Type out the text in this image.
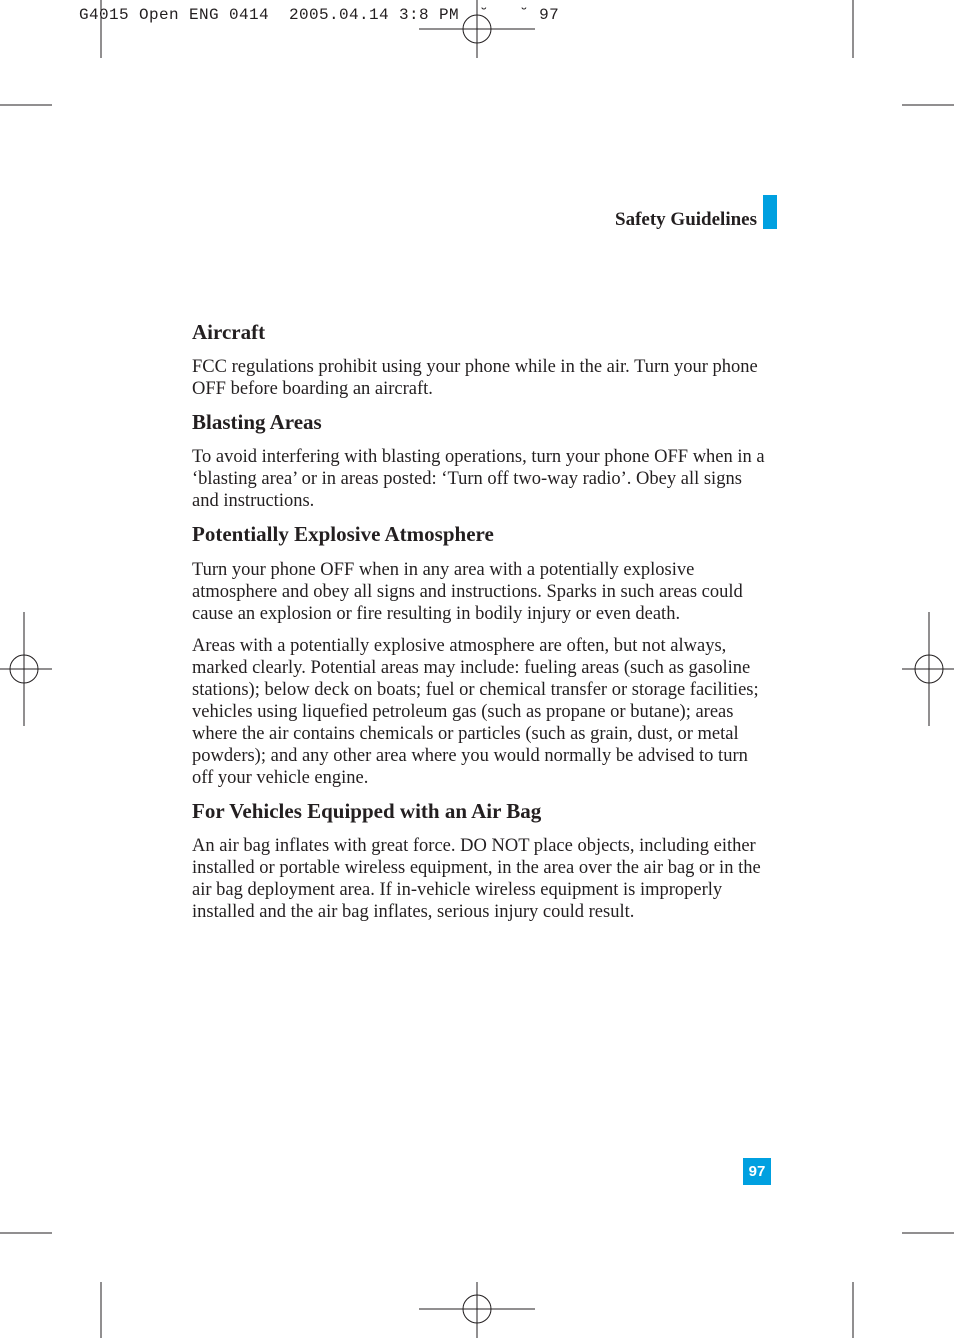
G4015 Open ENG 0414  2005.04.14 3:8 PM  ˘   ˘ 97
Safety Guidelines
Aircraft

FCC regulations prohibit using your phone while in the air. Turn your phone OFF before boarding an aircraft.

Blasting Areas

To avoid interfering with blasting operations, turn your phone OFF when in a ‘blasting area’ or in areas posted: ‘Turn off two-way radio’. Obey all signs and instructions.

Potentially Explosive Atmosphere

Turn your phone OFF when in any area with a potentially explosive atmosphere and obey all signs and instructions. Sparks in such areas could cause an explosion or fire resulting in bodily injury or even death.

Areas with a potentially explosive atmosphere are often, but not always, marked clearly. Potential areas may include: fueling areas (such as gasoline stations); below deck on boats; fuel or chemical transfer or storage facilities; vehicles using liquefied petroleum gas (such as propane or butane); areas where the air contains chemicals or particles (such as grain, dust, or metal powders); and any other area where you would normally be advised to turn off your vehicle engine.

For Vehicles Equipped with an Air Bag

An air bag inflates with great force. DO NOT place objects, including either installed or portable wireless equipment, in the area over the air bag or in the air bag deployment area. If in-vehicle wireless equipment is improperly installed and the air bag inflates, serious injury could result.

97
